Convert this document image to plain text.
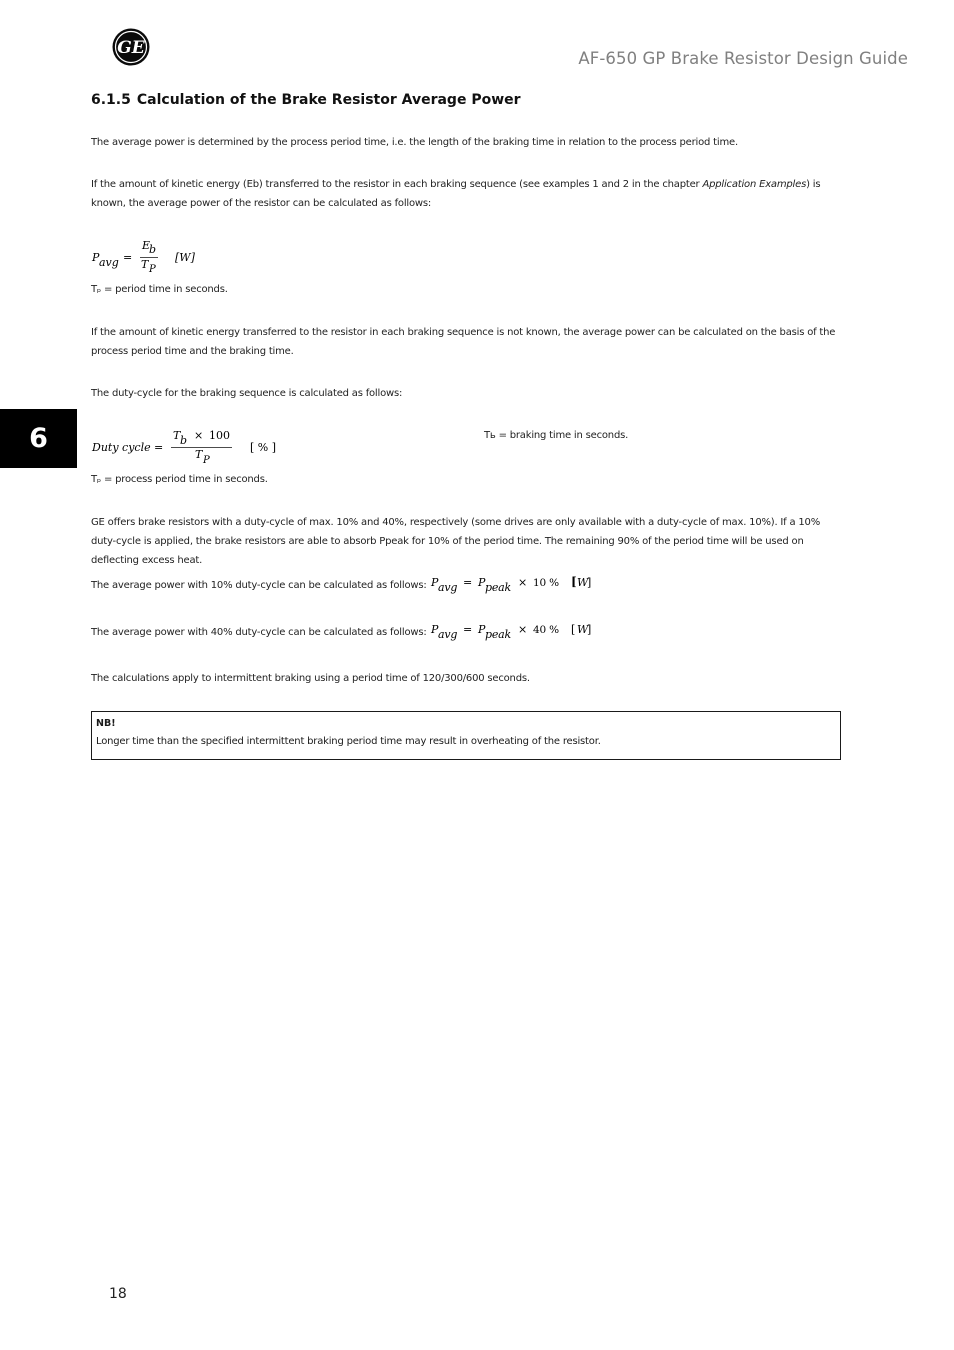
GE
AF-650 GP Brake Resistor Design Guide
6
6.1.5 Calculation of the Brake Resistor Average Power
The average power is determined by the process period time, i.e. the length of the braking time in relation to the process period time.
If the amount of kinetic energy (Eb) transferred to the resistor in each braking sequence (see examples 1 and 2 in the chapter Application Examples) is known, the average power of the resistor can be calculated as follows:
P avg =
E
b
T P
[W]
Tₚ = period time in seconds.
If the amount of kinetic energy transferred to the resistor in each braking sequence is not known, the average power can be calculated on the basis of the process period time and the braking time.
The duty-cycle for the braking sequence is calculated as follows:
Duty cycle =
T b × 100
T P
[ % ]
Tь = braking time in seconds.
Tₚ = process period time in seconds.
GE offers brake resistors with a duty-cycle of max. 10% and 40%, respectively (some drives are only available with a duty-cycle of max. 10%). If a 10% duty-cycle is applied, the brake resistors are able to absorb Ppeak for 10% of the period time. The remaining 90% of the period time will be used on deflecting excess heat.
The average power with 10% duty-cycle can be calculated as follows: P avg = P peak × 10 % [ W
]
The average power with 40% duty-cycle can be calculated as follows: P avg = P peak × 40 % [ W
]
The calculations apply to intermittent braking using a period time of 120/300/600 seconds.
NB!
Longer time than the specified intermittent braking period time may result in overheating of the resistor.
18
